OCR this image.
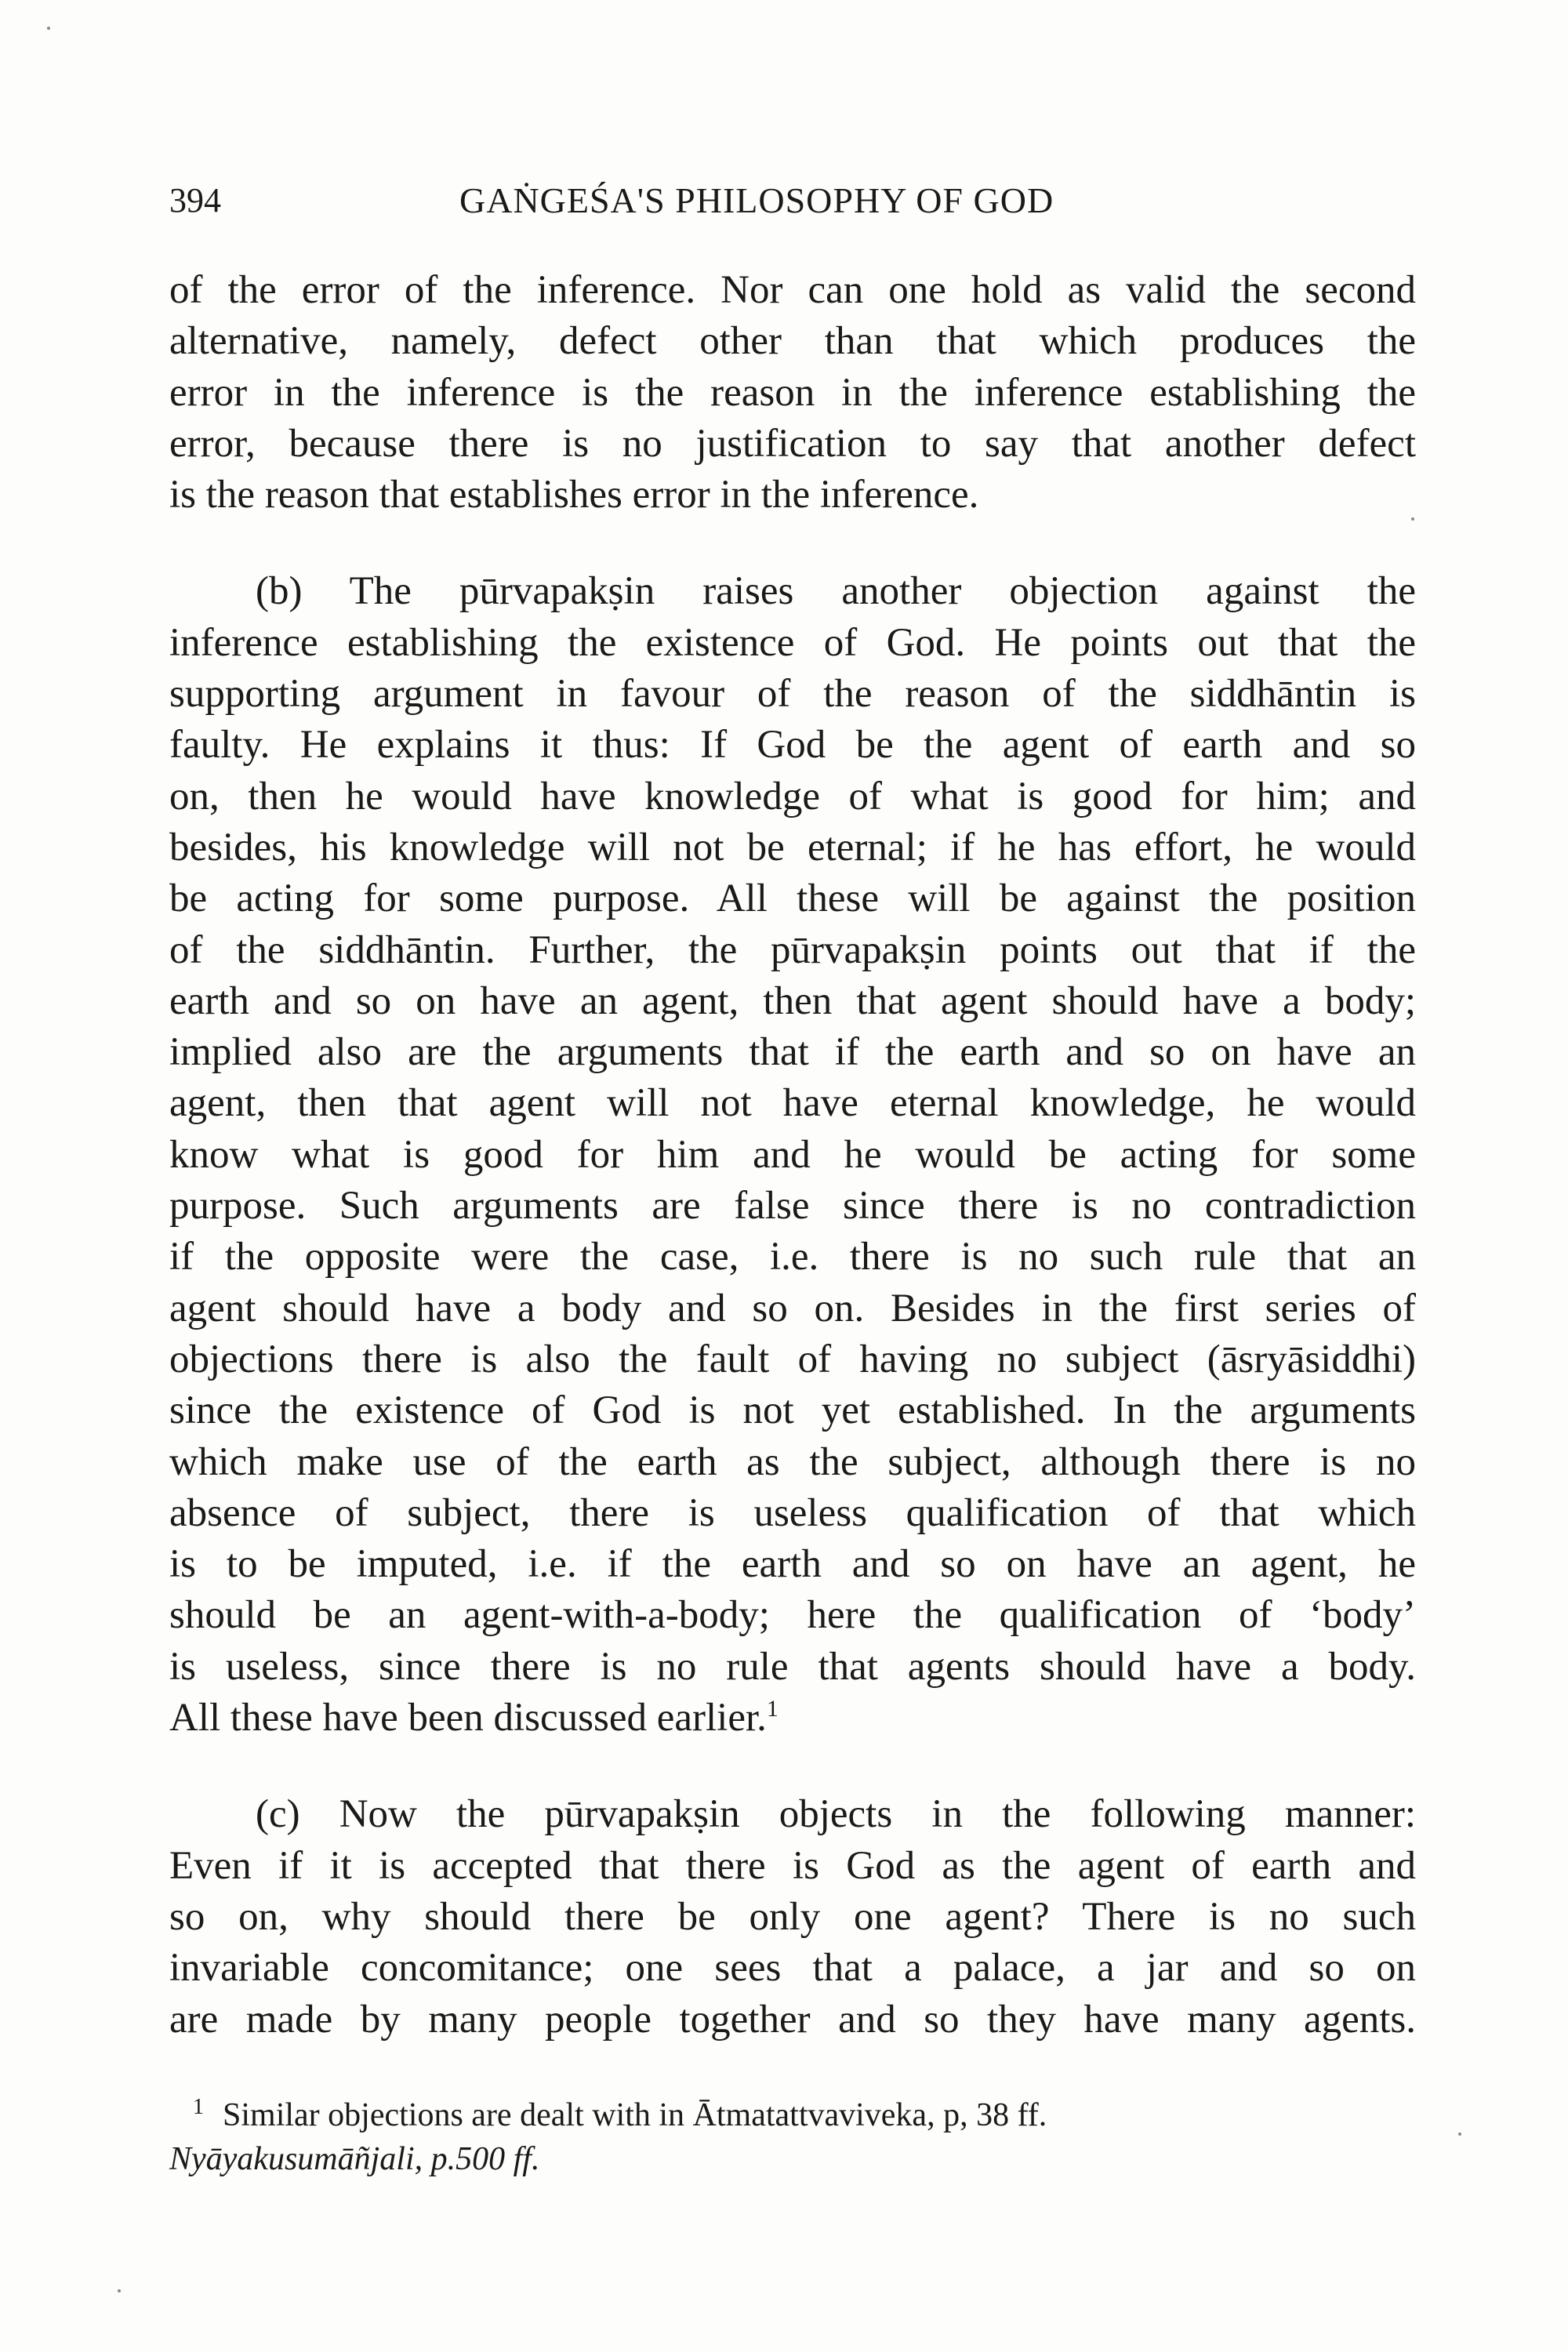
394	GAṄGEŚA'S PHILOSOPHY OF GOD

of the error of the inference. Nor can one hold as valid the second
alternative, namely, defect other than that which produces the
error in the inference is the reason in the inference establishing the
error, because there is no justification to say that another defect
is the reason that establishes error in the inference.

(b) The pūrvapakṣin raises another objection against the
inference establishing the existence of God. He points out that the
supporting argument in favour of the reason of the siddhāntin is
faulty. He explains it thus: If God be the agent of earth and so
on, then he would have knowledge of what is good for him; and
besides, his knowledge will not be eternal; if he has effort, he would
be acting for some purpose. All these will be against the position
of the siddhāntin. Further, the pūrvapakṣin points out that if the
earth and so on have an agent, then that agent should have a body;
implied also are the arguments that if the earth and so on have an
agent, then that agent will not have eternal knowledge, he would
know what is good for him and he would be acting for some
purpose. Such arguments are false since there is no contradiction
if the opposite were the case, i.e. there is no such rule that an
agent should have a body and so on. Besides in the first series of
objections there is also the fault of having no subject (āsryāsiddhi)
since the existence of God is not yet established. In the arguments
which make use of the earth as the subject, although there is no
absence of subject, there is useless qualification of that which
is to be imputed, i.e. if the earth and so on have an agent, he
should be an agent-with-a-body; here the qualification of ‘body’
is useless, since there is no rule that agents should have a body.
All these have been discussed earlier.$^1$

(c) Now the pūrvapakṣin objects in the following manner:
Even if it is accepted that there is God as the agent of earth and
so on, why should there be only one agent? There is no such
invariable concomitance; one sees that a palace, a jar and so on
are made by many people together and so they have many agents.

$^1$ Similar objections are dealt with in Ātmatattvaviveka, p, 38 ff.
Nyāyakusumāñjali, p.500 ff.
